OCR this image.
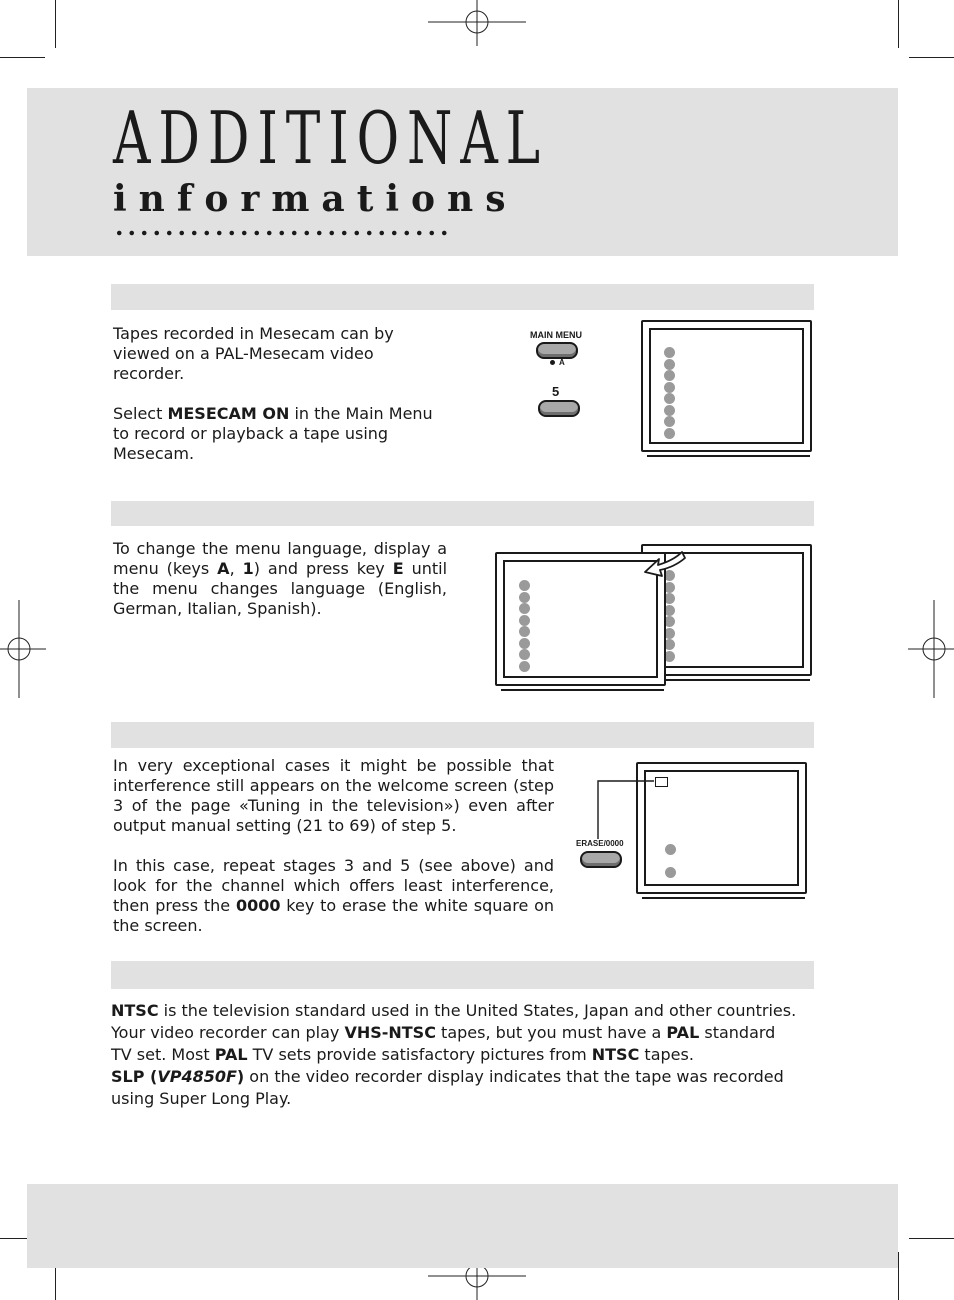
ADDITIONAL
informations
Tapes recorded in Mesecam can by viewed on a PAL-Mesecam video recorder.
Select MESECAM ON in the Main Menu to record or playback a tape using Mesecam.
MAIN MENU
A
5
To change the menu language, display a menu (keys A, 1) and press key E until the menu changes language (English, German, Italian, Spanish).
In very exceptional cases it might be possible that interference still appears on the welcome screen (step 3 of the page «Tuning in the television») even after output manual setting (21 to 69) of step 5.
In this case, repeat stages 3 and 5 (see above) and look for the channel which offers least interference, then press the 0000 key to erase the white square on the screen.
ERASE/0000
NTSC is the television standard used in the United States, Japan and other countries. Your video recorder can play VHS-NTSC tapes, but you must have a PAL standard TV set. Most PAL TV sets provide satisfactory pictures from NTSC tapes.
SLP (VP4850F) on the video recorder display indicates that the tape was recorded using Super Long Play.
